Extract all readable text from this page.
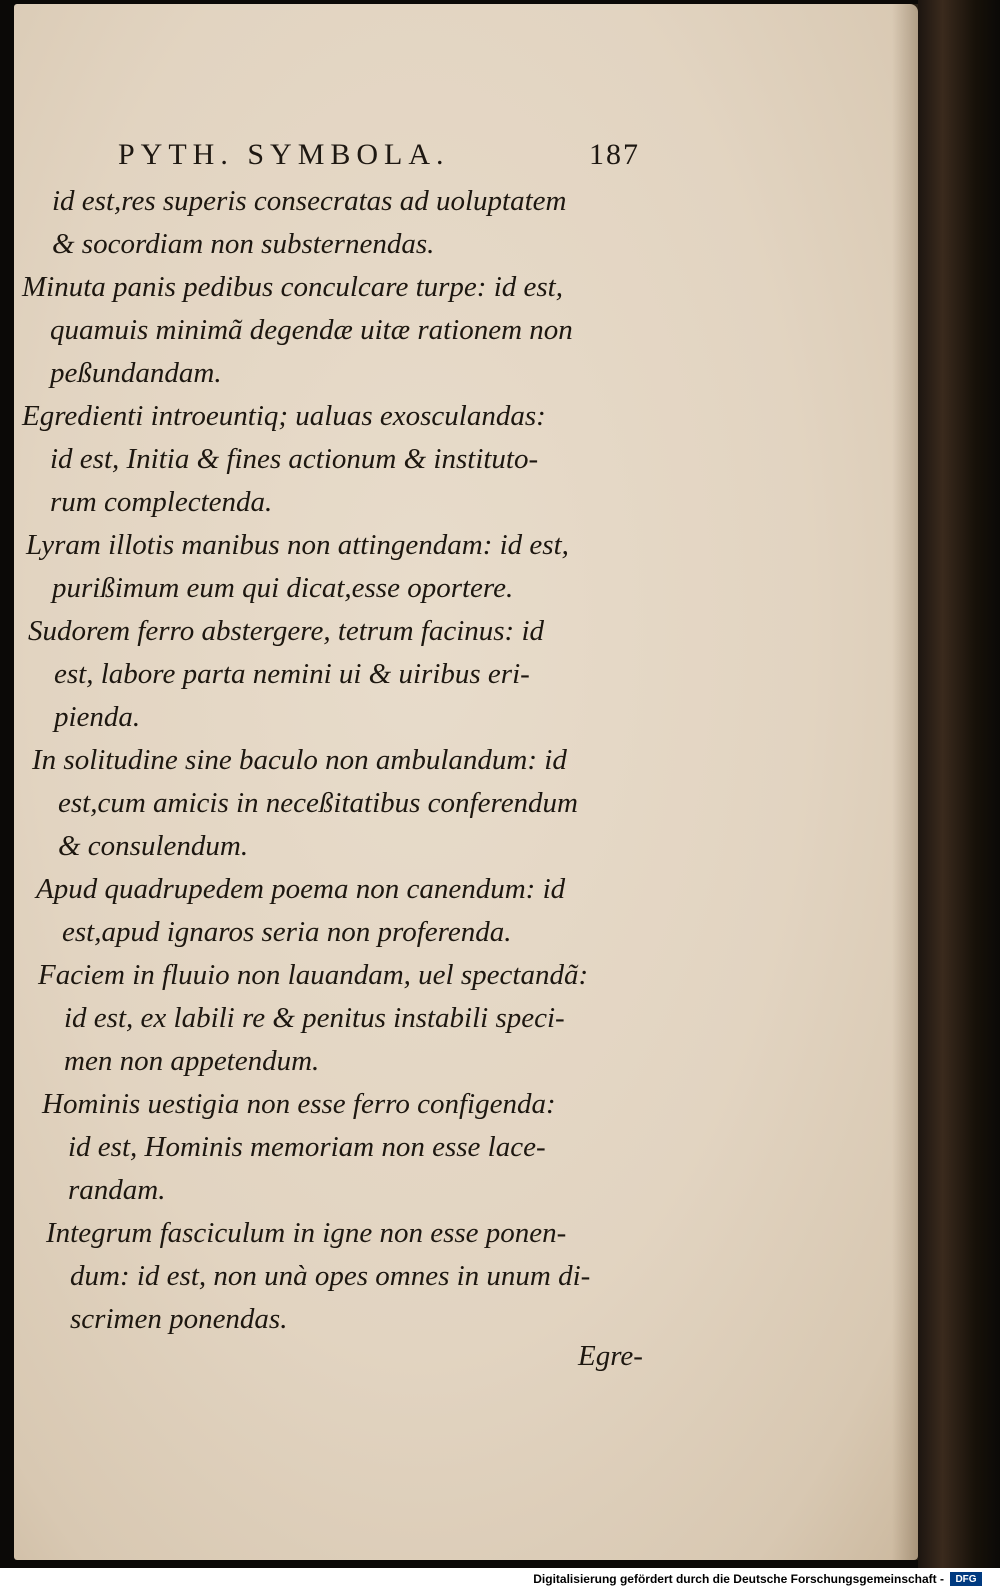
PYTH. SYMBOLA.	187

id est,res superis consecratas ad uoluptatem

& socordiam non substernendas.

Minuta panis pedibus conculcare turpe: id est,

quamuis minimã degendæ uitæ rationem non

peßundandam.

Egredienti introeuntiq; ualuas exosculandas:

id est, Initia & fines actionum & instituto-

rum complectenda.

Lyram illotis manibus non attingendam: id est,

purißimum eum qui dicat,esse oportere.

Sudorem ferro abstergere, tetrum facinus: id

est, labore parta nemini ui & uiribus eri-

pienda.

In solitudine sine baculo non ambulandum: id

est,cum amicis in neceßitatibus conferendum

& consulendum.

Apud quadrupedem poema non canendum: id

est,apud ignaros seria non proferenda.

Faciem in fluuio non lauandam, uel spectandã:

id est, ex labili re & penitus instabili speci-

men non appetendum.

Hominis uestigia non esse ferro configenda:

id est, Hominis memoriam non esse lace-

randam.

Integrum fasciculum in igne non esse ponen-

dum: id est, non unà opes omnes in unum di-

scrimen ponendas.

Egre-

Digitalisierung gefördert durch die Deutsche Forschungsgemeinschaft -	DFG
